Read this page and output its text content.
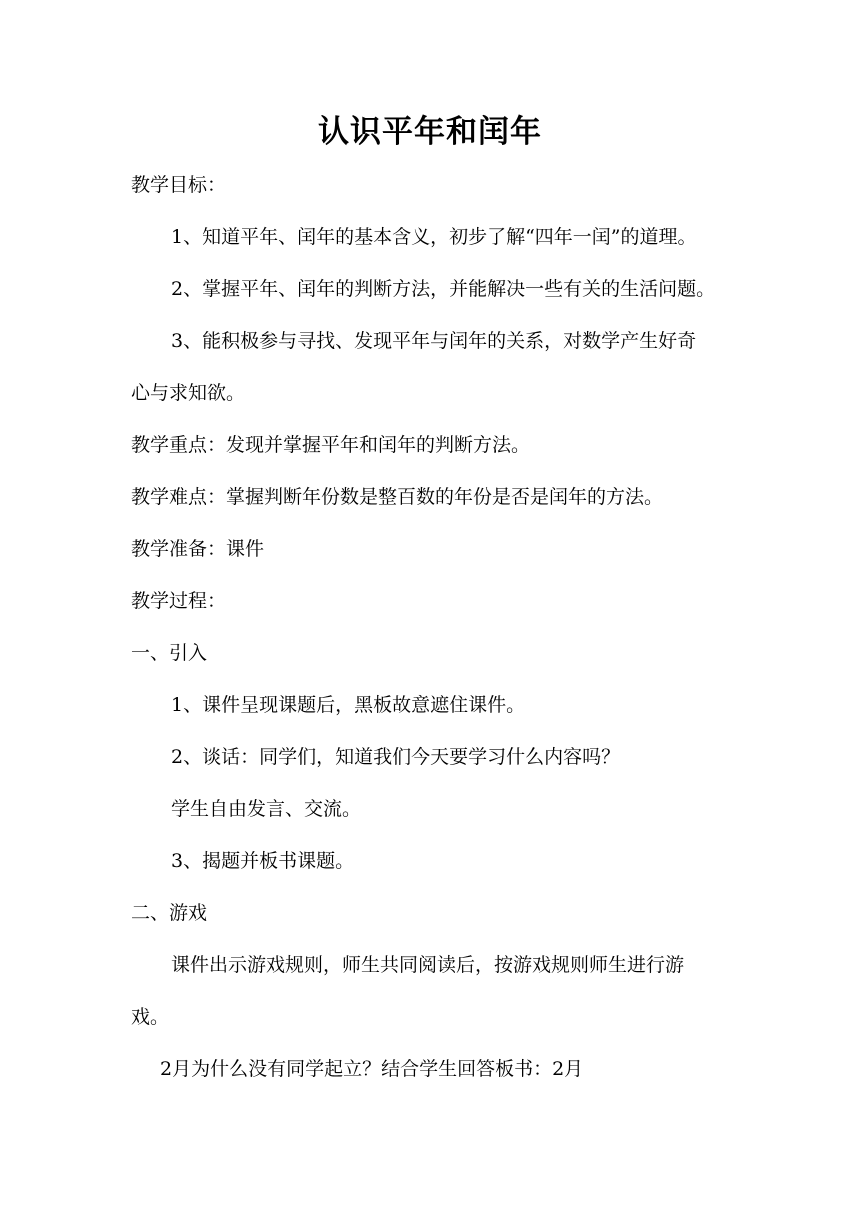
认识平年和闰年
教学目标：
1、知道平年、闰年的基本含义，初步了解“四年一闰”的道理。
2、掌握平年、闰年的判断方法，并能解决一些有关的生活问题。
3、能积极参与寻找、发现平年与闰年的关系，对数学产生好奇
心与求知欲。
教学重点：发现并掌握平年和闰年的判断方法。
教学难点：掌握判断年份数是整百数的年份是否是闰年的方法。
教学准备：课件
教学过程：
一、引入
1、课件呈现课题后，黑板故意遮住课件。
2、谈话：同学们，知道我们今天要学习什么内容吗？
学生自由发言、交流。
3、揭题并板书课题。
二、游戏
课件出示游戏规则，师生共同阅读后，按游戏规则师生进行游
戏。
2月为什么没有同学起立？结合学生回答板书：2月
